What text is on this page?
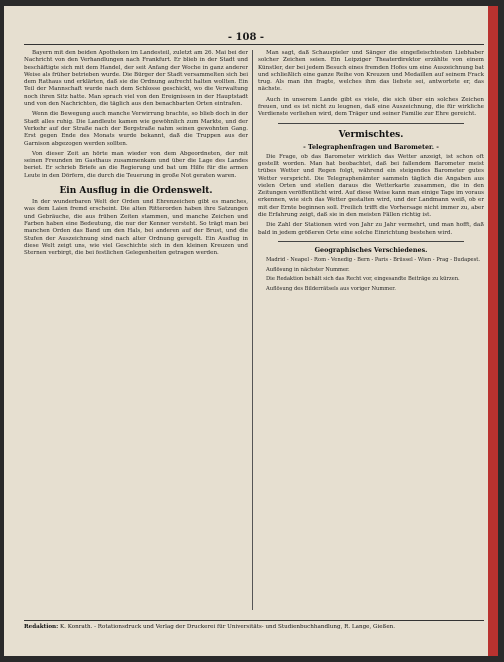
- 108 -

Bayern mit den beiden Apotheken im Landesteil, zuletzt am 26. Mai bei der Nachricht von den Verhandlungen nach Frankfurt. Er blieb in der Stadt und beschäftigte sich mit dem Handel, der seit Anfang der Woche in ganz anderer Weise als früher betrieben wurde. Die Bürger der Stadt versammelten sich bei dem Rathaus und erklärten, daß sie die Ordnung aufrecht halten wollten. Ein Teil der Mannschaft wurde nach dem Schlosse geschickt, wo die Verwaltung noch ihren Sitz hatte. Man sprach viel von den Ereignissen in der Hauptstadt und von den Nachrichten, die täglich aus den benachbarten Orten eintrafen.

Wenn die Bewegung auch manche Verwirrung brachte, so blieb doch in der Stadt alles ruhig. Die Landleute kamen wie gewöhnlich zum Markte, und der Verkehr auf der Straße nach der Bergstraße nahm seinen gewohnten Gang. Erst gegen Ende des Monats wurde bekannt, daß die Truppen aus der Garnison abgezogen werden sollten.

Von dieser Zeit an hörte man wieder von dem Abgeordneten, der mit seinen Freunden im Gasthaus zusammenkam und über die Lage des Landes beriet. Er schrieb Briefe an die Regierung und bat um Hilfe für die armen Leute in den Dörfern, die durch die Teuerung in große Not geraten waren.

Ein Ausflug in die Ordenswelt.

In der wunderbaren Welt der Orden und Ehrenzeichen gibt es manches, was dem Laien fremd erscheint. Die alten Ritterorden haben ihre Satzungen und Gebräuche, die aus frühen Zeiten stammen, und manche Zeichen und Farben haben eine Bedeutung, die nur der Kenner versteht. So trägt man bei manchen Orden das Band um den Hals, bei anderen auf der Brust, und die Stufen der Auszeichnung sind nach alter Ordnung geregelt. Ein Ausflug in diese Welt zeigt uns, wie viel Geschichte sich in den kleinen Kreuzen und Sternen verbirgt, die bei festlichen Gelegenheiten getragen werden.

Man sagt, daß Schauspieler und Sänger die eingefleischtesten Liebhaber solcher Zeichen seien. Ein Leipziger Theaterdirektor erzählte von einem Künstler, der bei jedem Besuch eines fremden Hofes um eine Auszeichnung bat und schließlich eine ganze Reihe von Kreuzen und Medaillen auf seinem Frack trug. Als man ihn fragte, welches ihm das liebste sei, antwortete er, das nächste.

Auch in unserem Lande gibt es viele, die sich über ein solches Zeichen freuen, und es ist nicht zu leugnen, daß eine Auszeichnung, die für wirkliche Verdienste verliehen wird, dem Träger und seiner Familie zur Ehre gereicht.

Vermischtes.
- Telegraphenfragen und Barometer. -

Die Frage, ob das Barometer wirklich das Wetter anzeigt, ist schon oft gestellt worden. Man hat beobachtet, daß bei fallendem Barometer meist trübes Wetter und Regen folgt, während ein steigendes Barometer gutes Wetter verspricht. Die Telegraphenämter sammeln täglich die Angaben aus vielen Orten und stellen daraus die Wetterkarte zusammen, die in den Zeitungen veröffentlicht wird. Auf diese Weise kann man einige Tage im voraus erkennen, wie sich das Wetter gestalten wird, und der Landmann weiß, ob er mit der Ernte beginnen soll. Freilich trifft die Vorhersage nicht immer zu, aber die Erfahrung zeigt, daß sie in den meisten Fällen richtig ist.

Die Zahl der Stationen wird von Jahr zu Jahr vermehrt, und man hofft, daß bald in jedem größeren Orte eine solche Einrichtung bestehen wird.

Geographisches Verschiedenes.

Madrid - Neapel - Rom - Venedig - Bern - Paris - Brüssel - Wien - Prag - Budapest.

Auflösung in nächster Nummer.

Die Redaktion behält sich das Recht vor, eingesandte Beiträge zu kürzen.

Auflösung des Bilderrätsels aus voriger Nummer.

Redaktion: K. Konrath. - Rotationsdruck und Verlag der Druckerei für Universitäts- und Studienbuchhandlung, R. Lange, Gießen.
